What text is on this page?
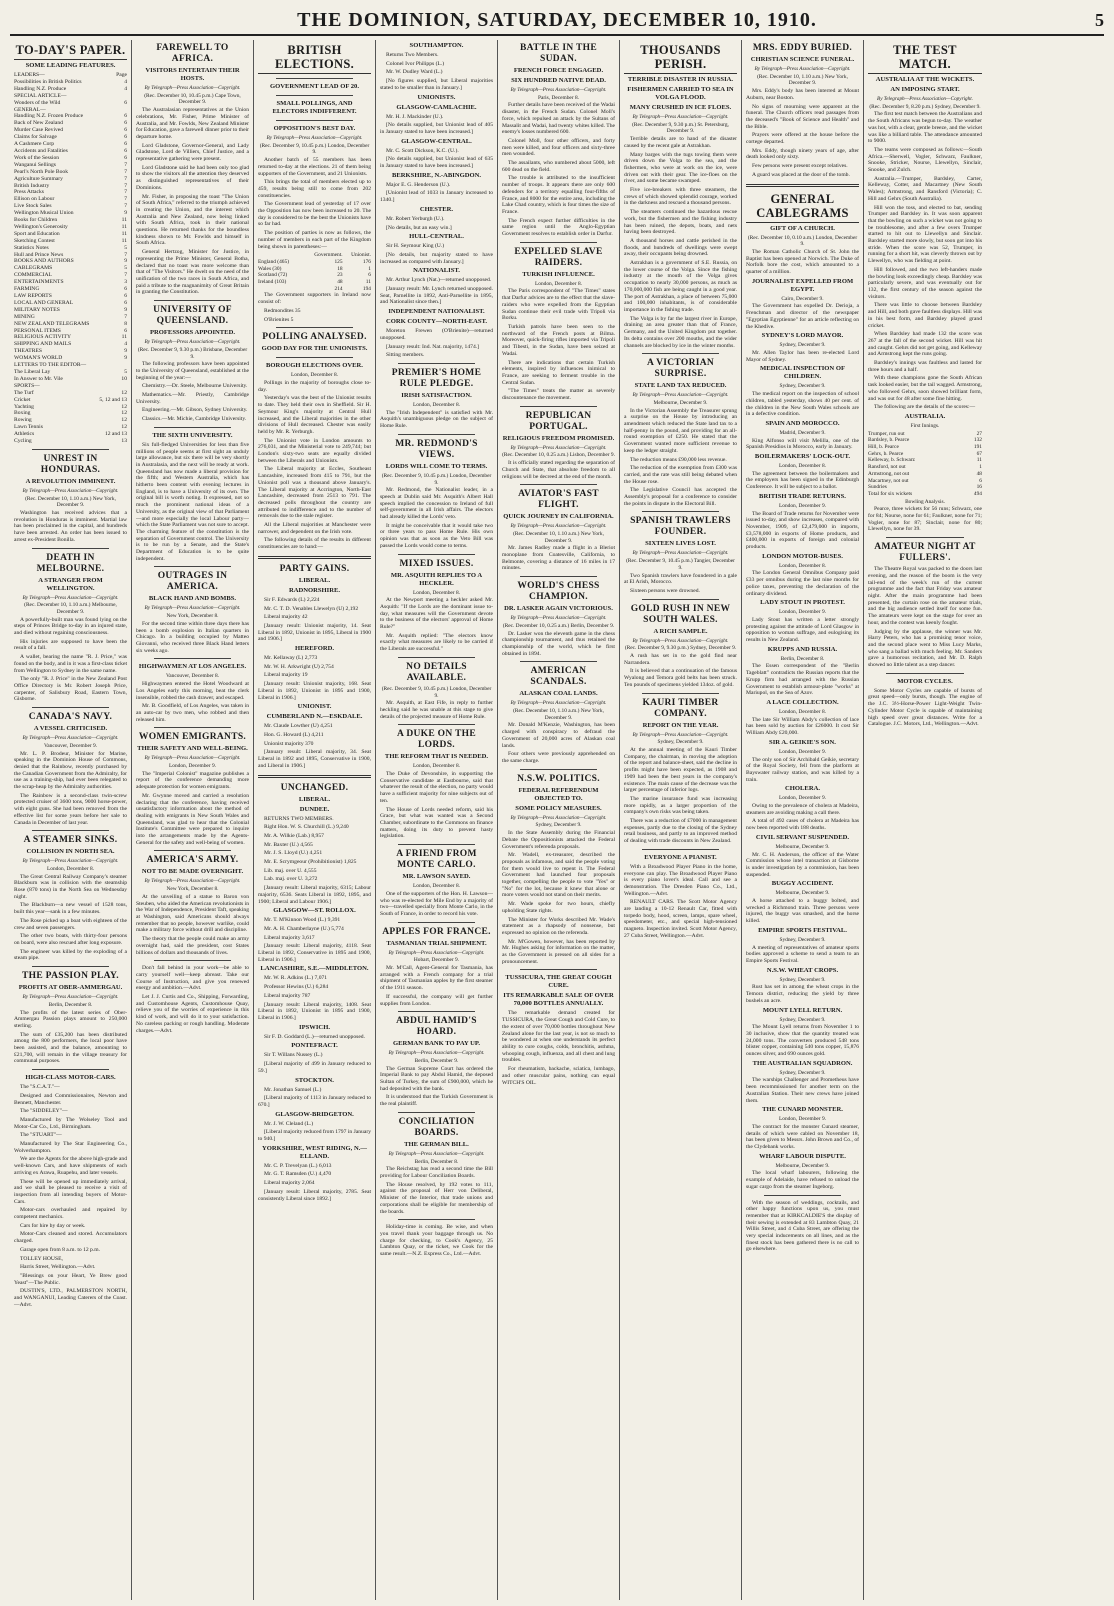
THE DOMINION, SATURDAY, DECEMBER 10, 1910.	5
TO-DAY'S PAPER.
SOME LEADING FEATURES.
LEADERS—	Page
Possibilities in British Politics	4
Handling N.Z. Produce	4
SPECIAL ARTICLE—
Wonders of the Wild	6
GENERAL—
Handling N.Z. Frozen Produce	6
Back of New Zealand	6
Murder Case Revived	6
Claims for Salvage	6
A Cashmere Corp	6
Accidents and Fatalities	6
Work of the Session	6
Wanganui Sellings	7
Pearl's North Pole Book	7
Agriculture Summary	7
British Industry	7
Press Attacks	7
Ellison on Labour	7
Live Stock Sales	7
Wellington Musical Union	9
Books for Children	11
Wellington's Generosity	11
Sport and Education	11
Sketching Contest	11
Statistics Notes	5
Hull and Prince News	7
BOOKS AND AUTHORS	9
CABLEGRAMS	5
COMMERCIAL	7
ENTERTAINMENTS	3
FARMING	6
LAW REPORTS	6
LOCAL AND GENERAL	6
MILITARY NOTES	9
MINING	7
NEW ZEALAND TELEGRAMS	8
PERSONAL ITEMS	6
RELIGIOUS ACTIVITY	11
SHIPPING AND MAILS	4
THEATRES	9
WOMAN'S WORLD	9
LETTERS TO THE EDITOR—
The Liberal Lay	5
In Answer to Mr. Vile	10
SPORTS—
The Turf	12
Cricket	5, 12 and 13
Yachting	12
Boxing	12
Rowing	12
Lawn Tennis	12
Athletics	12 and 13
Cycling	13
UNREST IN HONDURAS.
A REVOLUTION IMMINENT.
By Telegraph—Press Association—Copyright.
(Rec. December 10, 1.10 a.m.) New York, December 9.

Washington has received advices that a revolution in Honduras is imminent. Martial law has been proclaimed in the capital, and hundreds have been arrested. An order has been issued to arrest ex-President Bonilla.

DEATH IN MELBOURNE.
A STRANGER FROM WELLINGTON.
By Telegraph—Press Association—Copyright.
(Rec. December 10, 1.10 a.m.) Melbourne, December 9.

A powerfully-built man was found lying on the steps of Princes Bridge to-day in an injured state, and died without regaining consciousness.

His injuries are supposed to have been the result of a fall.

A wallet, bearing the name "R. J. Price," was found on the body, and in it was a first-class ticket from Wellington to Sydney in the same name.

The only "R. J. Price" in the New Zealand Post Office Directory is Mr. Robert Joseph Price, carpenter, of Salisbury Road, Eastern Town, Gisborne.

CANADA'S NAVY.
A VESSEL CRITICISED.
By Telegraph—Press Association—Copyright.
Vancouver, December 9.

Mr. L. P. Brodeur, Minister for Marine, speaking in the Dominion House of Commons, denied that the Rainbow, recently purchased by the Canadian Government from the Admiralty, for use as a training-ship, had ever been relegated to the scrap-heap by the Admiralty authorities.

The Rainbow is a second-class twin-screw protected cruiser of 3600 tons, 9000 horse-power, with eight guns. She had been removed from the effective list for some years before her sale to Canada in December of last year.

A STEAMER SINKS.
COLLISION IN NORTH SEA.
By Telegraph—Press Association—Copyright.
London, December 8.

The Great Central Railway Company's steamer Blackburn was in collision with the steamship Rose (870 tons) in the North Sea on Wednesday night.

The Blackburn—a new vessel of 1528 tons, built this year—sank in a few minutes.

The Rose picked up a boat with eighteen of the crew and seven passengers.

The other two boats, with thirty-four persons on board, were also rescued after long exposure.

The engineer was killed by the exploding of a steam pipe.

THE PASSION PLAY.
PROFITS AT OBER-AMMERGAU.
By Telegraph—Press Association—Copyright.
Berlin, December 8.

The profits of the latest series of Ober-Ammergau Passion plays amount to 250,000 sterling.

The sum of £35,200 has been distributed among the 800 performers, the local poor have been assisted, and the balance, amounting to £21,700, will remain in the village treasury for communal purposes.

HIGH-CLASS MOTOR-CARS.

The "S.C.A.T."—

Designed and Commissionaires, Newton and Bennett, Manchester.

The "SIDDELEY"—

Manufactured by The Wolseley Tool and Motor-Car Co., Ltd., Birmingham.

The "STUART"—

Manufactured by The Star Engineering Co., Wolverhampton.

We are the Agents for the above high-grade and well-known Cars, and have shipments of each arriving ex Arawa, Ruapehu, and later vessels.

These will be opened up immediately arrival, and we shall be pleased to receive a visit of inspection from all intending buyers of Motor-Cars.

Motor-cars overhauled and repaired by competent mechanics.

Cars for hire by day or week.

Motor-Cars cleaned and stored. Accumulators charged.

Garage open from 8 a.m. to 12 p.m.

TOLLEY HOUSE,

Harris Street, Wellington.—Advt.

"Blessings on your Heart, Ye Brew good Yeast"—The Public.

DUSTIN'S, LTD., PALMERSTON NORTH, and WANGANUI, Leading Caterers of the Coast.—Advt.

FAREWELL TO AFRICA.
VISITORS ENTERTAIN THEIR HOSTS.
By Telegraph—Press Association—Copyright.
(Rec. December 10, 10.45 p.m.) Cape Town, December 9.

The Australasian representatives at the Union celebrations, Mr. Fisher, Prime Minister of Australia, and Mr. Fowlds, New Zealand Minister for Education, gave a farewell dinner prior to their departure home.

Lord Gladstone, Governor-General, and Lady Gladstone, Lord de Villiers, Chief Justice, and a representative gathering were present.

Lord Gladstone said he had been only too glad to show the visitors all the attention they deserved as distinguished representatives of their Dominions.

Mr. Fisher, in proposing the toast "The Union of South Africa," referred to the triumph achieved in creating the Union, and the interest which Australia and New Zealand, now being linked with South Africa, took in their national questions. He returned thanks for the boundless kindness shown to Mr. Fowlds and himself in South Africa.

General Hertzog, Minister for Justice, in representing the Prime Minister, General Botha, declared that no toast was more welcome than that of "The Visitors." He dwelt on the need of the unification of the two races in South Africa, and paid a tribute to the magnanimity of Great Britain in granting the Constitution.

UNIVERSITY OF QUEENSLAND.
PROFESSORS APPOINTED.
By Telegraph—Press Association—Copyright.
(Rec. December 9, 9.30 p.m.) Brisbane, December 9.

The following professors have been appointed to the University of Queensland, established at the beginning of the year:—

Chemistry.—Dr. Steele, Melbourne University.

Mathematics.—Mr. Priestly, Cambridge University.

Engineering.—Mr. Gibson, Sydney University.

Classics.—Mr. Michie, Cambridge University.

THE SIXTH UNIVERSITY.

Six full-fledged Universities for less than five millions of people seems at first sight an unduly large allowance, but six there will be very shortly in Australasia, and the next will be ready at work. Queensland has now made a liberal provision for the fifth; and Western Australia, which has hitherto been content with evening lectures in England, is to have a University of its own. The original bill is worth noting. It expressed, not so much the prominent national ideas of a University, as the original view of that Parliament—and more especially the local Labour party—which the State Parliament was not sure to accept. The charming feature of the constitution is the separation of Government control. The University is to be run by a Senate, and the State's Department of Education is to be quite independent.

OUTRAGES IN AMERICA.
BLACK HAND AND BOMBS.
By Telegraph—Press Association—Copyright.
New York, December 8.

For the second time within three days there has been a bomb explosion in Italian quarters in Chicago. In a building occupied by Matteo Giovanni, who received three Black Hand letters six weeks ago.

HIGHWAYMEN AT LOS ANGELES.
Vancouver, December 8.

Highwaymen entered the Hotel Woodward at Los Angeles early this morning, beat the clerk insensible, robbed the cash drawer, and escaped.

Mr. B. Goodfield, of Los Angeles, was taken in an auto-car by two men, who robbed and then released him.

WOMEN EMIGRANTS.
THEIR SAFETY AND WELL-BEING.
By Telegraph—Press Association—Copyright.
London, December 9.

The "Imperial Colonist" magazine publishes a report of the conference demanding more adequate protection for women emigrants.

Mr. Gwynne moved and carried a resolution declaring that the conference, having received unsatisfactory information about the method of dealing with emigrants in New South Wales and Queensland, was glad to hear that the Colonial Institute's Committee were prepared to inquire into the arrangements made by the Agents-General for the safety and well-being of women.

AMERICA'S ARMY.
NOT TO BE MADE OVERNIGHT.
By Telegraph—Press Association—Copyright.
New York, December 8.

At the unveiling of a statue to Baron von Steuben, who aided the American revolutionists in the War of Independence, President Taft, speaking at Washington, said Americans should always remember that no people, however warlike, could make a military force without drill and discipline.

The theory that the people could make an army overnight had, said the president, cost States billions of dollars and thousands of lives.

Don't fall behind in your work—be able to carry yourself well—keep abreast. Take our Course of Instruction, and give you renewed energy and ambition.—Advt.

Let J. J. Curtis and Co., Shipping, Forwarding, and Customhouse Agents, Customhouse Quay, relieve you of the worries of experience in this kind of work, and will do it to your satisfaction. No careless packing or rough handling. Moderate charges.—Advt.

BRITISH ELECTIONS.
GOVERNMENT LEAD OF 20.
SMALL POLLINGS, AND ELECTORS INDIFFERENT.
OPPOSITION'S BEST DAY.
By Telegraph—Press Association—Copyright.
(Rec. December 9, 10.45 p.m.) London, December 9.

Another batch of 55 members has been returned to-day at the elections. 21 of them being supporters of the Government, and 21 Unionists.

This brings the total of members elected up to 459, results being still to come from 202 constituencies.

The Government lead of yesterday of 17 over the Opposition has now been increased to 20. The day is considered to be the best the Unionists have so far had.

The position of parties is now as follows, the number of members in each part of the Kingdom being shown in parentheses:—

	Government.	Unionist.
England (465)	125	176
Wales (30)	18	1
Scotland (72)	23	6
Ireland (103)	48	11
	214	194

The Government supporters in Ireland now consist of:

Redmondites 35

O'Brienites 5

POLLING ANALYSED.
GOOD DAY FOR THE UNIONISTS.
BOROUGH ELECTIONS OVER.
London, December 8.

Pollings in the majority of boroughs close to-day.

Yesterday's was the best of the Unionist results to date. They held their own in Sheffield. Sir H. Seymour King's majority at Central Hull increased, and the Liberal majorities in the other divisions of Hull decreased. Chester was easily held by Mr. R. Yerburgh.

The Unionist vote in London amounts to 276,031, and the Ministerial vote to 249,744; but London's sixty-two seats are equally divided between the Liberals and Unionists.

The Liberal majority at Eccles, Southeast Lancashire, increased from 415 to 791, but the Unionist poll was a thousand above January's. The Liberal majority at Accrington, North-East Lancashire, decreased from 2513 to 791. The decreased polls throughout the country are attributed to indifference and to the number of removals due to the stale register.

All the Liberal majorities at Manchester were narrower, and dependent on the Irish vote.

The following details of the results in different constituencies are to hand:—

PARTY GAINS.
LIBERAL.
RADNORSHIRE.

Sir F. Edwards (L) 2,224

Mr. C. T. D. Venables Llewelyn (U) 2,192

Liberal majority 42

[January result: Unionist majority, 14. Seat Liberal in 1892, Unionist in 1895, Liberal in 1900 and 1906.]

HEREFORD.

Mr. Kellaway (L) 2,773

Mr. W. H. Arkwright (U) 2,754

Liberal majority 19

[January result: Unionist majority, 168. Seat Liberal in 1892, Unionist in 1895 and 1900, Liberal in 1906.]

UNIONIST.
CUMBERLAND N.—ESKDALE.

Mr. Claude Lowther (U) 4,251

Hon. G. Howard (L) 4,211

Unionist majority 370

[January result: Liberal majority, 34. Seat Liberal in 1892 and 1895, Conservative in 1900, and Liberal in 1906.]

UNCHANGED.
LIBERAL.
DUNDEE.

RETURNS TWO MEMBERS.

Right Hon. W. S. Churchill (L.) 9,240

Mr. A. Wilkie (Lab.) 8,957

Mr. Baxter (U.) 4,565

Mr. J. S. Lloyd (U.) 4,251

Mr. E. Scrymgeour (Prohibitionist) 1,825

Lib. maj. over U. 4,555

Lab. maj. over U. 3,272

[January result: Liberal majority, 6315; Labour majority, 6536. Seats Liberal in 1892, 1895, and 1900; Liberal and Labour 1906.]

GLASGOW—ST. ROLLOX.

Mr. T. M'Kinnon Wood (L.) 9,391

Mr. A. H. Chamberlayne (U.) 5,774

Liberal majority 3,617

[January result: Liberal majority, 4118. Seat Liberal in 1892, Conservative in 1895 and 1900, Liberal in 1906.]

LANCASHIRE, S.E.—MIDDLETON.

Mr. W. R. Adkins (L.) 7,071

Professor Hewins (U.) 6,284

Liberal majority 787

[January result: Liberal majority, 1408. Seat Liberal in 1892, Unionist in 1895 and 1900, Liberal in 1906.]

IPSWICH.

Sir F. D. Goddard (L.)—returned unopposed.

PONTEFRACT.

Sir T. Willans Nussey (L.)

[Liberal majority of 499 in January reduced to 59.]

STOCKTON.

Mr. Jonathan Samuel (L.)

[Liberal majority of 1113 in January reduced to 670.]

GLASGOW-BRIDGETON.

Mr. J. W. Cleland (L.)

[Liberal majority reduced from 1797 in January to 940.]

YORKSHIRE, WEST RIDING, N.—ELLAND.

Mr. C. P. Trevelyan (L.) 6,013

Mr. G. T. Ramsden (U.) 4,470

Liberal majority 2,064

[January result: Liberal majority, 2785. Seat consistently Liberal since 1892.]

SOUTHAMPTON.

Returns Two Members.

Colonel Ivor Philipps (L.)

Mr. W. Dudley Ward (L.)

[No figures supplied, but Liberal majorities stated to be smaller than in January.]

UNIONISTS.
GLASGOW-CAMLACHIE.

Mr. H. J. Mackinder (U.).

[No details supplied, but Unionist lead of 405 in January stated to have been increased.]

GLASGOW-CENTRAL.

Mr. C. Scott Dickson, K.C. (U.).

[No details supplied, but Unionist lead of 635 in January stated to have been increased.]

BERKSHIRE, N.-ABINGDON.

Major E. G. Henderson (U.).

[Unionist lead of 1033 in January increased to 1340.]

CHESTER.

Mr. Robert Yerburgh (U.).

[No details, but an easy win.]

HULL-CENTRAL.

Sir H. Seymour King (U.)

[No details, but majority stated to have increased as compared with January.]

NATIONALIST.

Mr. Arthur Lynch (Nat.)—returned unopposed.

[January result: Mr. Lynch returned unopposed. Seat, Parnellite in 1892, Anti-Parnellite in 1895, and Nationalist since then.]

INDEPENDENT NATIONALIST.
CORK COUNTY—NORTH-EAST.

Moreton Frewen (O'Brienite)—returned unopposed.

[January result: Ind. Nat. majority, 1474.]

Sitting members.

PREMIER'S HOME RULE PLEDGE.
IRISH SATISFACTION.
London, December 8.

The "Irish Independent" is satisfied with Mr. Asquith's unambiguous pledge on the subject of Home Rule.

MR. REDMOND'S VIEWS.
LORDS WILL COME TO TERMS.
(Rec. December 9, 10.45 p.m.) London, December 9.

Mr. Redmond, the Nationalist leader, in a speech at Dublin said Mr. Asquith's Albert Hall speech implied the concession to Ireland of full self-government in all Irish affairs. The electors had already killed the Lords' veto.

It might be conceivable that it would take two or three years to pass Home Rule. His own opinion was that as soon as the Veto Bill was passed the Lords would come to terms.

MIXED ISSUES.
MR. ASQUITH REPLIES TO A HECKLER.
London, December 8.

At the Newport meeting a heckler asked Mr. Asquith: "If the Lords are the dominant issue to-day, what measures will the Government devote to the business of the electors' approval of Home Rule?"

Mr. Asquith replied: "The electors know exactly what measures are likely to be carried if the Liberals are successful."

NO DETAILS AVAILABLE.
(Rec. December 9, 10.45 p.m.) London, December 9.

Mr. Asquith, at East Fife, in reply to further heckling said he was unable at this stage to give details of the projected measure of Home Rule.

A DUKE ON THE LORDS.
THE REFORM THAT IS NEEDED.
London, December 8.

The Duke of Devonshire, in supporting the Conservative candidate at Eastbourne, said that whatever the result of the election, no party would have a sufficient majority for nine subjects out of ten.

The House of Lords needed reform, said his Grace, but what was wanted was a Second Chamber, subordinate to the Commons on finance matters, doing its duty to prevent hasty legislation.

A FRIEND FROM MONTE CARLO.
MR. LAWSON SAYED.
London, December 8.

One of the supporters of the Hon. H. Lawson—who was re-elected for Mile End by a majority of two—travelled specially from Monte Carlo, in the South of France, in order to record his vote.

APPLES FOR FRANCE.
TASMANIAN TRIAL SHIPMENT.
By Telegraph—Press Association—Copyright.
Hobart, December 9.

Mr. M'Call, Agent-General for Tasmania, has arranged with a French company for a trial shipment of Tasmanian apples by the first steamer of the 1911 season.

If successful, the company will get further supplies from London.

ABDUL HAMID'S HOARD.
GERMAN BANK TO PAY UP.
By Telegraph—Press Association—Copyright.
Berlin, December 9.

The German Supreme Court has ordered the Imperial Bank to pay Abdul Hamid, the deposed Sultan of Turkey, the sum of £900,000, which he had deposited with the bank.

It is understood that the Turkish Government is the real plaintiff.

CONCILIATION BOARDS.
THE GERMAN BILL.
By Telegraph—Press Association—Copyright.
Berlin, December 8.

The Reichstag has read a second time the Bill providing for Labour Conciliation Boards.

The House resolved, by 192 votes to 111, against the proposal of Herr von Deliberal, Minister of the Interior, that trade unions and corporations shall be eligible for membership of the boards.

Holiday-time is coming. Be wise, and when you travel thank your baggage through us. No charge for checking, to Cook's Agency, 25 Lambton Quay, or the ticket, we Cook for the same result.—N.Z. Express Co., Ltd.—Advt.

BATTLE IN THE SUDAN.
FRENCH FORCE ENGAGED.
SIX HUNDRED NATIVE DEAD.
By Telegraph—Press Association—Copyright.
Paris, December 8.

Further details have been received of the Wadai disaster, in the French Sudan. Colonel Moll's force, which repulsed an attack by the Sultans of Massalit and Wadai, had twenty whites killed. The enemy's losses numbered 600.

Colonel Moll, four other officers, and forty men were killed, and four officers and sixty-three men wounded.

The assailants, who numbered about 5000, left 600 dead on the field.

The trouble is attributed to the insufficient number of troops. It appears there are only 600 defenders for a territory equalling four-fifths of France, and 8000 for the entire area, including the Lake Chad country, which is four times the size of France.

The French expect further difficulties in the same region until the Anglo-Egyptian Government resolves to establish order in Darfur.

EXPELLED SLAVE RAIDERS.
TURKISH INFLUENCE.
London, December 8.

The Paris correspondent of "The Times" states that Darfur advices are to the effect that the slave-raiders who were expelled from the Egyptian Sudan continue their evil trade with Tripoli via Borku.

Turkish patrols have been seen to the northward of the French posts at Bilma. Moreover, quick-firing rifles imported via Tripoli and Tibesti, in the Sudan, have been seized at Wadai.

There are indications that certain Turkish elements, inspired by influences inimical to France, are seeking to ferment trouble in the Central Sudan.

"The Times" treats the matter as severely discountenance the movement.

REPUBLICAN PORTUGAL.
RELIGIOUS FREEDOM PROMISED.
By Telegraph—Press Association—Copyright.
(Rec. December 10, 0.25 a.m.) Lisbon, December 9.

It is officially stated regarding the separation of Church and State, that absolute freedom to all religions will be decreed at the end of the month.

AVIATOR'S FAST FLIGHT.
QUICK JOURNEY IN CALIFORNIA.
By Telegraph—Press Association—Copyright.
(Rec. December 10, 1.10 a.m.) New York, December 9.

Mr. James Radley made a flight in a Bleriot monoplane from Coatesville, California, to Belmonte, covering a distance of 16 miles in 17 minutes.

WORLD'S CHESS CHAMPION.
DR. LASKER AGAIN VICTORIOUS.
By Telegraph—Press Association—Copyright.
(Rec. December 10, 0.25 a.m.) Berlin, December 9.

Dr. Lasker won the eleventh game in the chess championship tournament, and thus retained the championship of the world, which he first obtained in 1894.

AMERICAN SCANDALS.
ALASKAN COAL LANDS.
By Telegraph—Press Association—Copyright.
(Rec. December 10, 1.10 a.m.) New York, December 9.

Mr. Donald M'Kenzie, Washington, has been charged with conspiracy to defraud the Government of 20,000 acres of Alaskan coal lands.

Four others were previously apprehended on the same charge.

N.S.W. POLITICS.
FEDERAL REFERENDUM OBJECTED TO.
SOME POLICY MEASURES.
By Telegraph—Press Association—Copyright.
Sydney, December 9.

In the State Assembly during the Financial Debate the Oppositionists attacked the Federal Government's referenda proposals.

Mr. Wadell, ex-treasurer, described the proposals as infamous, and said the people voting for them would live to repent it. The Federal Government had launched four proposals together, compelling the people to vote "Yes" or "No" for the lot, because it knew that alone or more voters would not stand on their merits.

Mr. Wade spoke for two hours, chiefly upholding State rights.

The Minister for Works described Mr. Wade's statement as a rhapsody of nonsense, but expressed no opinion on the referenda.

Mr. M'Gowen, however, has been reported by Mr. Hughes asking for information on the matter, as the Government is pressed on all sides for a pronouncement.

TUSSICURA, THE GREAT COUGH CURE.
ITS REMARKABLE SALE OF OVER 70,000 BOTTLES ANNUALLY.

The remarkable demand created for TUSSICURA, the Great Cough and Cold Cure, to the extent of over 70,000 bottles throughout New Zealand alone for the last year, is not so much to be wondered at when one understands its perfect ability to cure coughs, colds, bronchitis, asthma, whooping cough, influenza, and all chest and lung troubles.

For rheumatism, backache, sciatica, lumbago, and other muscular pains, nothing can equal WITCH'S OIL.

THOUSANDS PERISH.
TERRIBLE DISASTER IN RUSSIA.
FISHERMEN CARRIED TO SEA IN VOLGA FLOOD.
MANY CRUSHED IN ICE FLOES.
By Telegraph—Press Association—Copyright.
(Rec. December 9, 9.30 p.m.) St. Petersburg, December 9.

Terrible details are to hand of the disaster caused by the recent gale at Astrakhan.

Many barges with the tugs towing them were driven down the Volga to the sea, and the fishermen, who were at work on the ice, were driven out with their gear. The ice-floes on the river, and some became swamped.

Five ice-breakers with three steamers, the crews of which showed splendid courage, worked in the darkness and rescued a thousand persons.

The steamers continued the hazardous rescue work, but the fishermen and the fishing industry has been ruined, the depots, boats, and nets having been destroyed.

A thousand horses and cattle perished in the floods, and hundreds of dwellings were swept away, their occupants being drowned.

Astrakhan is a government of S.E. Russia, on the lower course of the Volga. Since the fishing industry at the mouth of the Volga gives occupation to nearly 30,000 persons, as much as 170,000,000 fish are being caught in a good year. The port of Astrakhan, a place of between 75,000 and 100,000 inhabitants, is of considerable importance in the fishing trade.

The Volga is by far the largest river in Europe, draining an area greater than that of France, Germany, and the United Kingdom put together. Its delta contains over 200 mouths, and the wider channels are blocked by ice in the winter months.

A VICTORIAN SURPRISE.
STATE LAND TAX REDUCED.
By Telegraph—Press Association—Copyright.
Melbourne, December 9.

In the Victorian Assembly the Treasurer sprung a surprise on the House by introducing an amendment which reduced the State land tax to a half-penny in the pound, and providing for an all-round exemption of £250. He stated that the Government wanted more sufficient revenue to keep the ledger straight.

The reduction means £90,000 less revenue.

The reduction of the exemption from £300 was carried, and the rate was still being debated when the House rose.

The Legislative Council has accepted the Assembly's proposal for a conference to consider the points in dispute in the Electoral Bill.

SPANISH TRAWLERS FOUNDER.
SIXTEEN LIVES LOST.
By Telegraph—Press Association—Copyright.
(Rec. December 9, 10.45 p.m.) Tangier, December 9.

Two Spanish trawlers have foundered in a gale at El Arish, Morocco.

Sixteen persons were drowned.

GOLD RUSH IN NEW SOUTH WALES.
A RICH SAMPLE.
By Telegraph—Press Association—Copyright.
(Rec. December 9, 9.30 p.m.) Sydney, December 9.

A rush has set in to the gold find near Narrandera.

It is believed that a continuation of the famous Wyalong and Temora gold belts has been struck. Ten pounds of specimens yielded 134oz. of gold.

KAURI TIMBER COMPANY.
REPORT ON THE YEAR.
By Telegraph—Press Association—Copyright.
Sydney, December 9.

At the annual meeting of the Kauri Timber Company, the chairman, in moving the adoption of the report and balance-sheet, said the decline in profits might have been expected, as 1908 and 1909 had been the best years in the company's existence. The main cause of the decrease was the larger percentage of inferior logs.

The marine insurance fund was increasing more rapidly, as a larger proportion of the company's own risks was being taken.

There was a reduction of £7000 in management expenses, partly due to the closing of the Sydney retail business, and partly to an improved method of dealing with trade discounts in New Zealand.

EVERYONE A PIANIST.

With a Broadwood Player Piano in the home, everyone can play. The Broadwood Player Piano is every piano lover's ideal. Call and see a demonstration. The Dresden Piano Co., Ltd., Wellington.—Advt.

RENAULT CARS. The Scott Motor Agency are landing a 10-12 Renault Car, fitted with torpedo body, hood, screen, lamps, spare wheel, speedometer, etc., and special high-tensioned magneto. Inspection invited. Scott Motor Agency, 27 Cuba Street, Wellington.—Advt.

MRS. EDDY BURIED.
CHRISTIAN SCIENCE FUNERAL.
By Telegraph—Press Association—Copyright.
(Rec. December 10, 1.10 a.m.) New York, December 9.

Mrs. Eddy's body has been interred at Mount Auburn, near Boston.

No signs of mourning were apparent at the funeral. The Church officers read passages from the deceased's "Book of Science and Health" and the Bible.

Prayers were offered at the house before the cortege departed.

Mrs. Eddy, though ninety years of age, after death looked only sixty.

Few persons were present except relatives.

A guard was placed at the door of the tomb.

GENERAL CABLEGRAMS
GIFT OF A CHURCH.
(Rec. December 10, 0.10 a.m.) London, December 9.

The Roman Catholic Church of St. John the Baptist has been opened at Norwich. The Duke of Norfolk bore the cost, which amounted to a quarter of a million.

JOURNALIST EXPELLED FROM EGYPT.
Cairo, December 9.

The Government has expelled Dr. Derioja, a Frenchman and director of the newspaper "Egyptian Egyptienne" for an article reflecting on the Khedive.

SYDNEY'S LORD MAYOR.
Sydney, December 9.

Mr. Allen Taylor has been re-elected Lord Mayor of Sydney.

MEDICAL INSPECTION OF CHILDREN.
Sydney, December 9.

The medical report on the inspection of school children, tabled yesterday, shows 40 per cent. of the children in the New South Wales schools are in a defective condition.

SPAIN AND MOROCCO.
Madrid, December 9.

King Alfonso will visit Melilla, one of the Spanish Presidios in Morocco, early in January.

BOILERMAKERS' LOCK-OUT.
London, December 8.

The agreement between the boilermakers and the employers has been signed in the Edinburgh Conference. It will be subject to a ballot.

BRITISH TRADE RETURNS.
London, December 9.

The Board of Trade returns for November were issued to-day, and show increases, compared with November, 1909, of £2,479,000 in imports, £3,578,000 in exports of Home products, and £400,000 in exports of foreign and colonial products.

LONDON MOTOR-BUSES.
London, December 8.

The London General Omnibus Company paid £33 per omnibus during the last nine months for police taxes, preventing the declaration of the ordinary dividend.

LADY STOUT IN PROTEST.
London, December 9.

Lady Stout has written a letter strongly protesting against the attitude of Lord Glasgow in opposition to woman suffrage, and eulogising its results in New Zealand.

KRUPPS AND RUSSIA.
Berlin, December 8.

The Essen correspondent of the "Berlin Tageblatt" contradicts the Russian reports that the Krupp firm had arranged with the Russian Government to establish armour-plate "works" at Mariupol, on the Sea of Azov.

A LACE COLLECTION.
London, December 8.

The late Sir William Abdy's collection of lace has been sold by auction for £26000. It cost Sir William Abdy £20,000.

SIR A. GEIKIE'S SON.
London, December 9.

The only son of Sir Archibald Geikie, secretary of the Royal Society, fell from the platform at Bayswater railway station, and was killed by a train.

CHOLERA.
London, December 9.

Owing to the prevalence of cholera at Madeira, steamers are avoiding making a call there.

A total of 492 cases of cholera at Madeira has now been reported with 188 deaths.

CIVIL SERVANT SUSPENDED.
Melbourne, December 9.

Mr. C. H. Anderson, the officer of the Water Commission whose intel transaction at Gisborne is under investigation by a commission, has been suspended.

BUGGY ACCIDENT.
Melbourne, December 9.

A horse attached to a buggy bolted, and wrecked a Richmond train. Three persons were injured, the buggy was smashed, and the horse killed.

EMPIRE SPORTS FESTIVAL.
Sydney, December 9.

A meeting of representatives of amateur sports bodies approved a scheme to send a team to an Empire Sports Festival.

N.S.W. WHEAT CROPS.
Sydney, December 9.

Rust has set in among the wheat crops in the Temora district, reducing the yield by three bushels an acre.

MOUNT LYELL RETURN.
Sydney, December 9.

The Mount Lyell returns from November 1 to 30 inclusive, show that the quantity treated was 24,000 tons. The converters produced 548 tons blister copper, containing 540 tons copper, 15,876 ounces silver, and 690 ounces gold.

THE AUSTRALIAN SQUADRON.
Sydney, December 9.

The warships Challenger and Prometheus have been recommissioned for another term on the Australian Station. Their new crews have joined them.

THE CUNARD MONSTER.
London, December 9.

The contract for the monster Cunard steamer, details of which were cabled on November 18, has been given to Messrs. John Brown and Co., of the Clydebank works.

WHARF LABOUR DISPUTE.
Melbourne, December 9.

The local wharf labourers, following the example of Adelaide, have refused to unload the sugar cargo from the steamer Ingeborg.

With the season of weddings, cocktails, and other happy functions upon us, you must remember that at KIRKCALDIE'S the display of their sewing is extended at 83 Lambton Quay, 21 Willis Street, and 4 Cuba Street, are offering the very special inducements on all lines, and as the finest stock has been gathered there is no call to go elsewhere.

THE TEST MATCH.
AUSTRALIA AT THE WICKETS.
AN IMPOSING START.
By Telegraph—Press Association—Copyright.
(Rec. December 9, 8.20 p.m.) Sydney, December 9.

The first test match between the Australians and the South Africans was begun to-day. The weather was hot, with a clear, gentle breeze, and the wicket was like a billiard table. The attendance amounted to 9000.

The teams were composed as follows:—South Africa.—Sherwell, Vogler, Schwarz, Faulkner, Snooke, Stricker, Nourse, Llewellyn, Sinclair, Snooke, and Zulch.

Australia.—Trumper, Bardsley, Carter, Kelleway, Cotter, and Macartney (New South Wales); Armstrong, and Ransford (Victoria); C. Hill and Gehrs (South Australia).

Hill won the toss, and elected to bat, sending Trumper and Bardsley in. It was soon apparent that the bowling on such a wicket was not going to be troublesome, and after a few overs Trumper started to hit out to Llewellyn and Sinclair. Bardsley started more slowly, but soon got into his stride. When the score was 52, Trumper, in running for a short hit, was cleverly thrown out by Llewellyn, who was fielding at point.

Hill followed, and the two left-handers made the bowling look exceedingly cheap. Bardsley was particularly severe, and was eventually out for 132, the first century of the season against the visitors.

There was little to choose between Bardsley and Hill, and both gave faultless displays. Hill was in his best form, and Bardsley played grand cricket.

When Bardsley had made 132 the score was 267 at the fall of the second wicket. Hill was hit and caught. Gehrs did not get going, and Kelleway and Armstrong kept the runs going.

Bardsley's innings was faultless and lasted for three hours and a half.

With these champions gone the South African task looked easier, but the tail wagged. Armstrong, who followed Gehrs, soon showed brilliant form, and was out for 48 after some fine hitting.

The following are the details of the scores:—

AUSTRALIA.
First Innings.
Trumper, run out	27
Bardsley, b. Pearce	132
Hill, b. Pearce	191
Gehrs, b. Pearce	67
Kelleway, b. Schwarz	11
Ransford, not out	1
Armstrong, not out	48
Macartney, not out	6
Sundries	16
Total for six wickets	494
Bowling Analysis.

Pearce, three wickets for 56 runs; Schwarz, one for 84; Nourse, none for 61; Faulkner, none for 71; Vogler, none for 87; Sinclair, none for 80; Llewellyn, none for 39.

AMATEUR NIGHT AT FULLERS'.

The Theatre Royal was packed to the doors last evening, and the reason of the boom is the very tail-end of the week's run of the current programme and the fact that Friday was amateur night. After the main programme had been presented, the curtain rose on the amateur trials, and the big audience settled itself for some fun. The amateurs were kept on the stage for over an hour, and the contest was keenly fought.

Judging by the applause, the winner was Mr. Harry Peters, who has a promising tenor voice, and the second place went to Miss Lucy Marks, who sang a ballad with much feeling. Mr. Sanders gave a humorous recitation, and Mr. D. Ralph showed no little talent as a step dancer.

MOTOR CYCLES.

Some Motor Cycles are capable of bursts of great speed—only bursts, though. The engine of the J.C. 3½-Horse-Power Light-Weight Twin-Cylinder Motor Cycle is capable of maintaining high speed over great distances. Write for a Catalogue. J.C. Motors, Ltd., Wellington.—Advt.
